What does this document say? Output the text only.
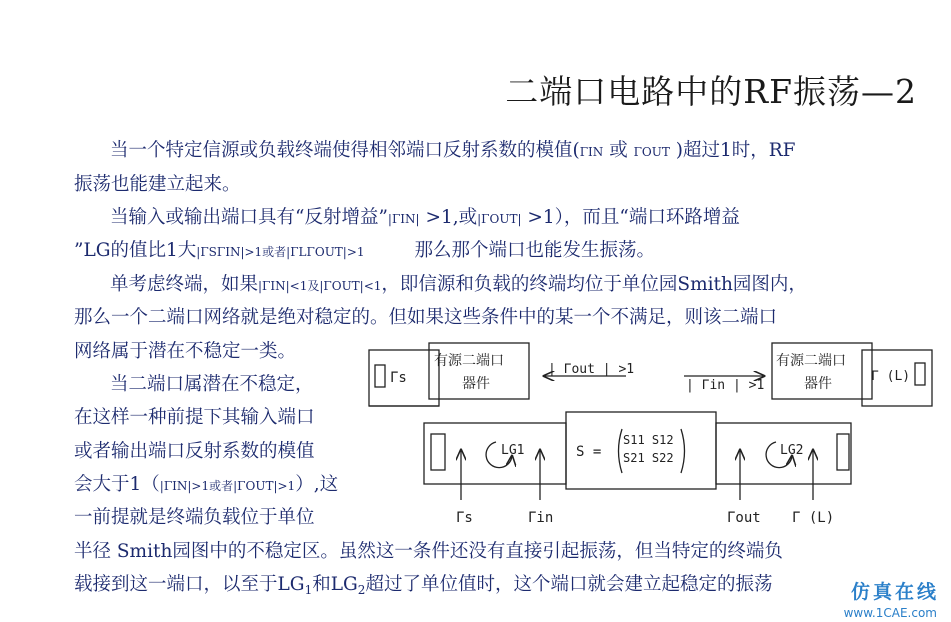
二端口电路中的RF振荡—2
当一个特定信源或负载终端使得相邻端口反射系数的模值(ΓIN 或 ΓOUT )超过1时，RF
振荡也能建立起来。
当输入或输出端口具有“反射增益”|ΓIN| >1,或|ΓOUT| >1），而且“端口环路增益
”LG的值比1大|ΓSΓIN|>1或者|ΓLΓOUT|>1	那么那个端口也能发生振荡。
单考虑终端，如果|ΓIN|<1及|ΓOUT|<1，即信源和负载的终端均位于单位园Smith园图内，
那么一个二端口网络就是绝对稳定的。但如果这些条件中的某一个不满足，则该二端口
网络属于潜在不稳定一类。
当二端口属潜在不稳定，
在这样一种前提下其输入端口
或者输出端口反射系数的模值
会大于1（|ΓIN|>1或者|ΓOUT|>1）,这
一前提就是终端负载位于单位
半径 Smith园图中的不稳定区。虽然这一条件还没有直接引起振荡，但当特定的终端负
载接到这一端口，以至于$LG_1$和$LG_2$超过了单位值时，这个端口就会建立起稳定的振荡
Γs
有源二端口
器件
| Γout | >1
| Γin | >1
有源二端口
器件	Γ (L)
LG1	S =
S11 S12
S21 S22	LG2
Γs	Γin	Γout Γ (L)
仿真在线
www.1CAE.com
